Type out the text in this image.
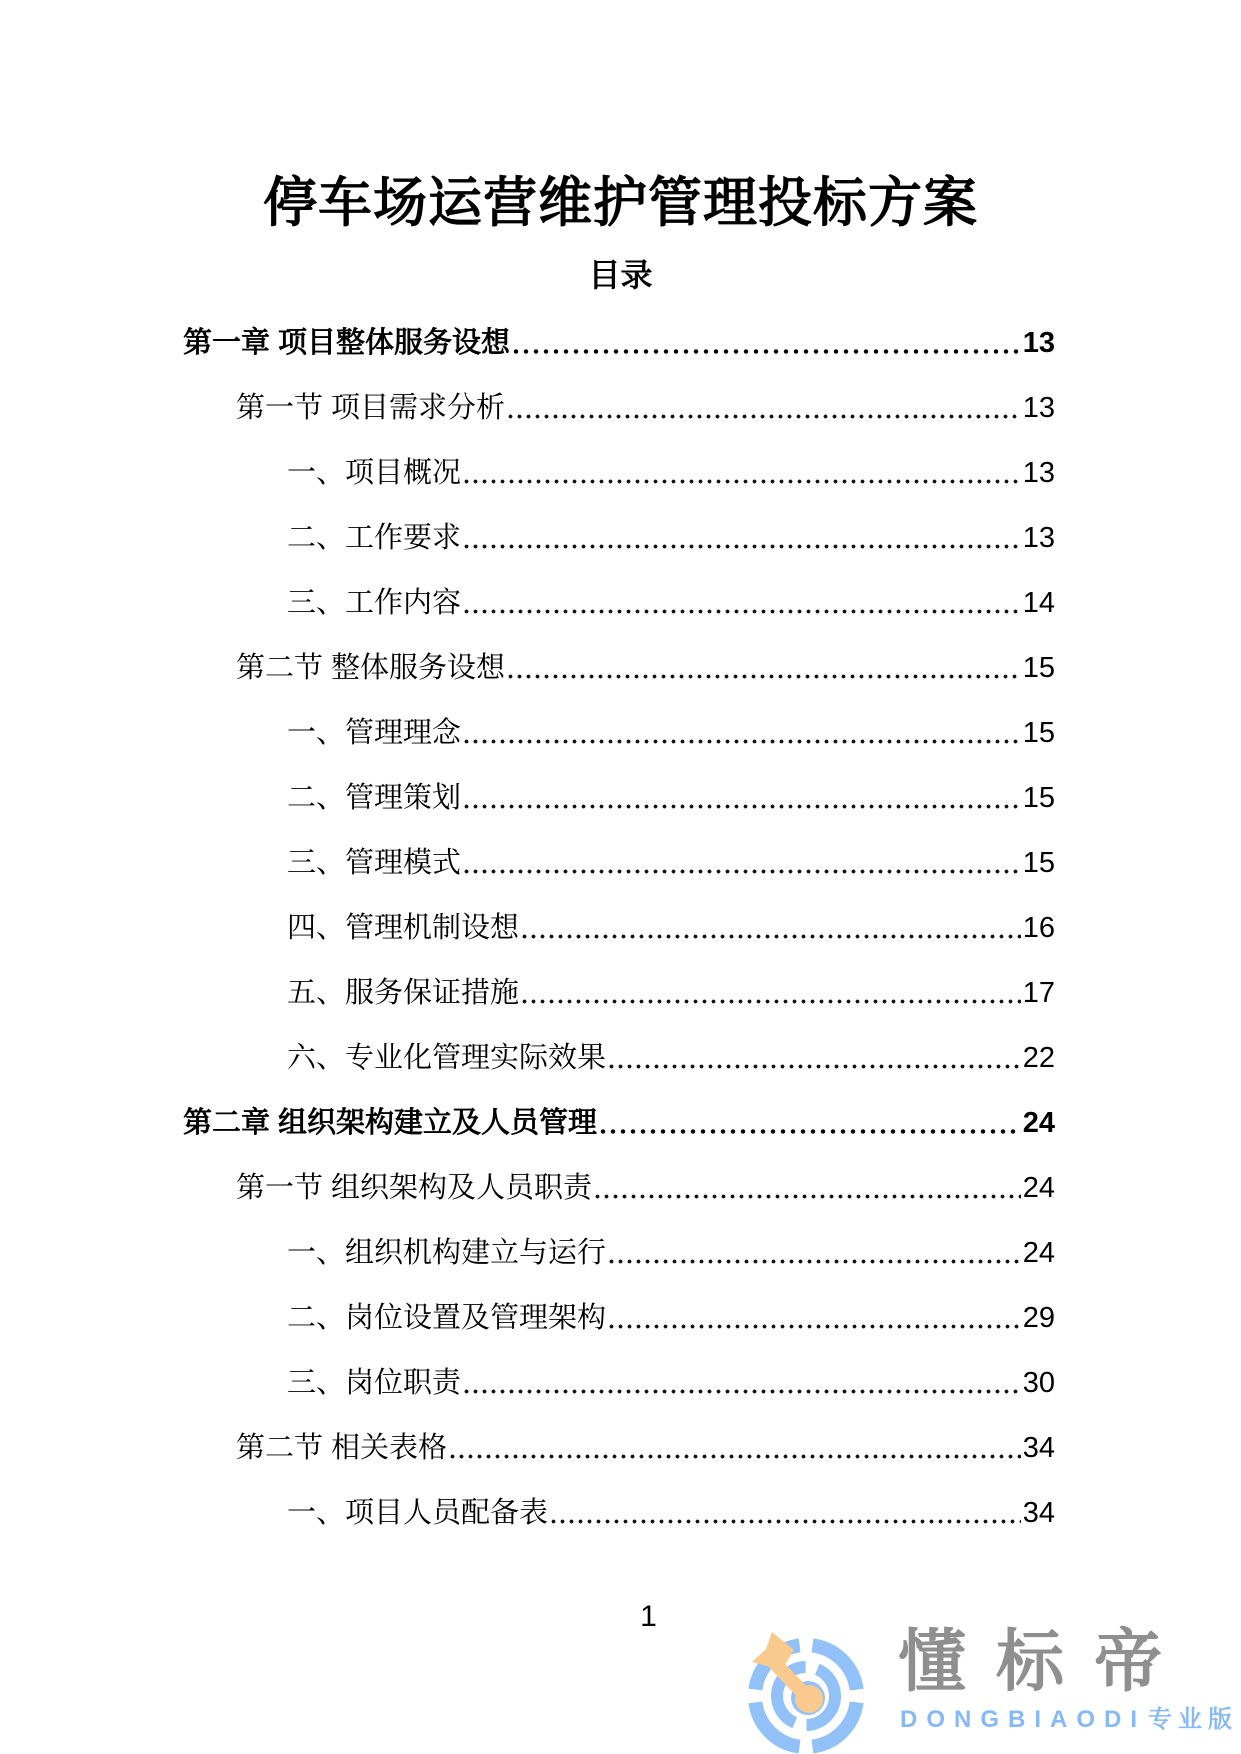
停车场运营维护管理投标方案
目录
第一章 项目整体服务设想	13
第一节 项目需求分析	13
一、项目概况	13
二、工作要求	13
三、工作内容	14
第二节 整体服务设想	15
一、管理理念	15
二、管理策划	15
三、管理模式	15
四、管理机制设想	16
五、服务保证措施	17
六、专业化管理实际效果	22
第二章 组织架构建立及人员管理	24
第一节 组织架构及人员职责	24
一、组织机构建立与运行	24
二、岗位设置及管理架构	29
三、岗位职责	30
第二节 相关表格	34
一、项目人员配备表	34
1
懂标帝
DONGBIAODI专业版
